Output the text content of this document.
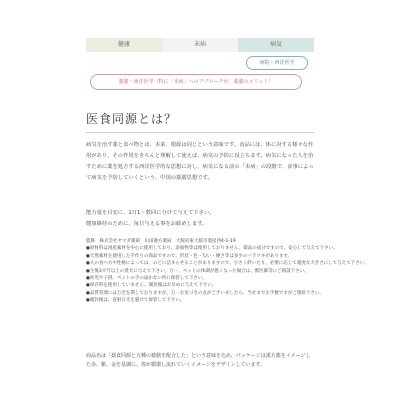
健康	未病	病気
病院・西洋医学
薬膳・東洋医学（特に「未病」へのアプローチが、薬膳のメリット）
医食同源とは？

病気を治す薬と食べ物とは、本来、根源は同じという意味です。食品には、体に対する様々な作用があり、その作用をきちんと理解して使えば、病気の予防に役立ちます。病気になった人を治すために薬を処方する西洋医学的な思想に対し、病気になる前の「未病」の段階で、食事によって病気を予防していくという、中国の薬膳思想です。

能力量を目安に、1日1〜数回に分けて与えて下さい。
健康維持のために、毎日与える事をお勧めします。

監修　株式会社ヤマダ薬研　山田漢方薬局　大阪府東大阪市菱屋西4-1-19
●原材料は国産素材を中心に使用しており、添加物等は使用しておりません。薬品の成分ですので、安心して与えて下さい。
●天然素材を使用した手作りの商品ですので、形状・色・匂い・硬さ等は多少のバラツキがあります。
●大の食べ方や性格によっては、のどに詰まらせることがありますので、小さく砕いたり、必要に応じて適度な大きさにして与えて下さい。
●生後3カ月以上の愛犬に与えて下さい。万一、ペットの体調が悪くなった場合は、獣医師等にご相談下さい。
●幼児や子供、ペットの手の届かない所に保管して下さい。
●保存料を使用していません。開封後はお早めに与えて下さい。
●品質管理には万全を期しておりますが、万一お気づきの点がございましたら、当社までお手数ですがご連絡下さい。
●開封後は、直射日光を避けて保管して下さい。

商品名は「薬食同源と五種の薬膳を配合した」という意味を込め、パッケージは漢方薬をイメージした赤、紫、金を基調に、体が循環し流れていくイメージをデザインしています。
